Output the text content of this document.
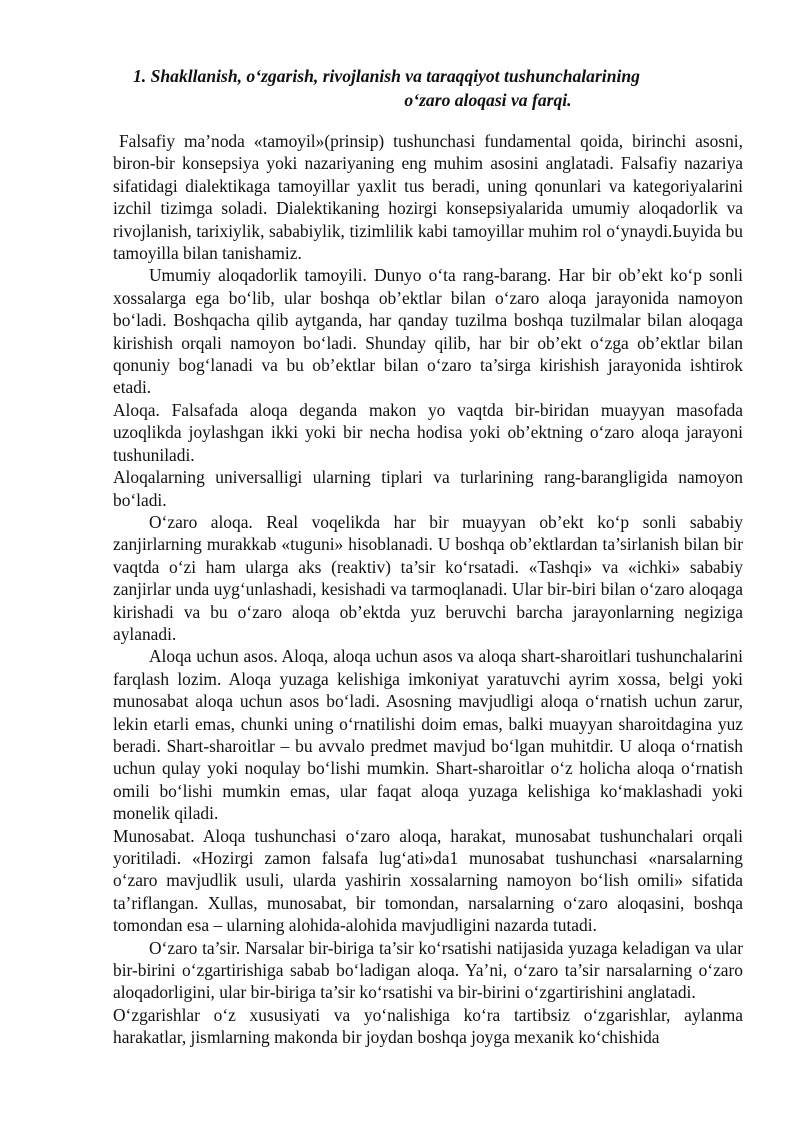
1. Shakllanish, o‘zgarish, rivojlanish va taraqqiyot tushunchalarining
o‘zaro aloqasi va farqi.

Falsafiy ma’noda «tamoyil»(prinsip) tushunchasi fundamental qoida, birinchi asosni, biron-bir konsepsiya yoki nazariyaning eng muhim asosini anglatadi. Falsafiy nazariya sifatidagi dialektikaga tamoyillar yaxlit tus beradi, uning qonunlari va kategoriyalarini izchil tizimga soladi. Dialektikaning hozirgi konsepsiyalarida umumiy aloqadorlik va rivojlanish, tarixiylik, sababiylik, tizimlilik kabi tamoyillar muhim rol o‘ynaydi.Ьuyida bu tamoyilla bilan tanishamiz.

Umumiy aloqadorlik tamoyili. Dunyo o‘ta rang-barang. Har bir ob’ekt ko‘p sonli xossalarga ega bo‘lib, ular boshqa ob’ektlar bilan o‘zaro aloqa jarayonida namoyon bo‘ladi. Boshqacha qilib aytganda, har qanday tuzilma boshqa tuzilmalar bilan aloqaga kirishish orqali namoyon bo‘ladi. Shunday qilib, har bir ob’ekt o‘zga ob’ektlar bilan qonuniy bog‘lanadi va bu ob’ektlar bilan o‘zaro ta’sirga kirishish jarayonida ishtirok etadi.

Aloqa. Falsafada aloqa deganda makon yo vaqtda bir-biridan muayyan masofada uzoqlikda joylashgan ikki yoki bir necha hodisa yoki ob’ektning o‘zaro aloqa jarayoni tushuniladi.

Aloqalarning universalligi ularning tiplari va turlarining rang-barangligida namoyon bo‘ladi.

O‘zaro aloqa. Real voqelikda har bir muayyan ob’ekt ko‘p sonli sababiy zanjirlarning murakkab «tuguni» hisoblanadi. U boshqa ob’ektlardan ta’sirlanish bilan bir vaqtda o‘zi ham ularga aks (reaktiv) ta’sir ko‘rsatadi. «Tashqi» va «ichki» sababiy zanjirlar unda uyg‘unlashadi, kesishadi va tarmoqlanadi. Ular bir-biri bilan o‘zaro aloqaga kirishadi va bu o‘zaro aloqa ob’ektda yuz beruvchi barcha jarayonlarning negiziga aylanadi.

Aloqa uchun asos. Aloqa, aloqa uchun asos va aloqa shart-sharoitlari tushunchalarini farqlash lozim. Aloqa yuzaga kelishiga imkoniyat yaratuvchi ayrim xossa, belgi yoki munosabat aloqa uchun asos bo‘ladi. Asosning mavjudligi aloqa o‘rnatish uchun zarur, lekin etarli emas, chunki uning o‘rnatilishi doim emas, balki muayyan sharoitdagina yuz beradi. Shart-sharoitlar – bu avvalo predmet mavjud bo‘lgan muhitdir. U aloqa o‘rnatish uchun qulay yoki noqulay bo‘lishi mumkin. Shart-sharoitlar o‘z holicha aloqa o‘rnatish omili bo‘lishi mumkin emas, ular faqat aloqa yuzaga kelishiga ko‘maklashadi yoki monelik qiladi.

Munosabat. Aloqa tushunchasi o‘zaro aloqa, harakat, munosabat tushunchalari orqali yoritiladi. «Hozirgi zamon falsafa lug‘ati»da1 munosabat tushunchasi «narsalarning o‘zaro mavjudlik usuli, ularda yashirin xossalarning namoyon bo‘lish omili» sifatida ta’riflangan. Xullas, munosabat, bir tomondan, narsalarning o‘zaro aloqasini, boshqa tomondan esa – ularning alohida-alohida mavjudligini nazarda tutadi.

O‘zaro ta’sir. Narsalar bir-biriga ta’sir ko‘rsatishi natijasida yuzaga keladigan va ular bir-birini o‘zgartirishiga sabab bo‘ladigan aloqa. Ya’ni, o‘zaro ta’sir narsalarning o‘zaro aloqadorligini, ular bir-biriga ta’sir ko‘rsatishi va bir-birini o‘zgartirishini anglatadi.

O‘zgarishlar o‘z xususiyati va yo‘nalishiga ko‘ra tartibsiz o‘zgarishlar, aylanma harakatlar, jismlarning makonda bir joydan boshqa joyga mexanik ko‘chishida
